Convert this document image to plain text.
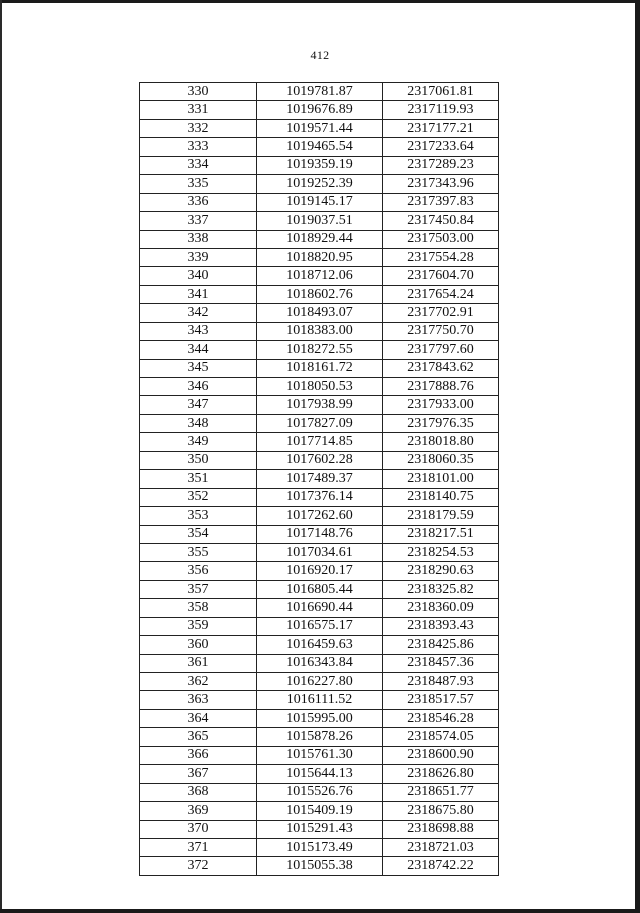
412
330	1019781.87	2317061.81
331	1019676.89	2317119.93
332	1019571.44	2317177.21
333	1019465.54	2317233.64
334	1019359.19	2317289.23
335	1019252.39	2317343.96
336	1019145.17	2317397.83
337	1019037.51	2317450.84
338	1018929.44	2317503.00
339	1018820.95	2317554.28
340	1018712.06	2317604.70
341	1018602.76	2317654.24
342	1018493.07	2317702.91
343	1018383.00	2317750.70
344	1018272.55	2317797.60
345	1018161.72	2317843.62
346	1018050.53	2317888.76
347	1017938.99	2317933.00
348	1017827.09	2317976.35
349	1017714.85	2318018.80
350	1017602.28	2318060.35
351	1017489.37	2318101.00
352	1017376.14	2318140.75
353	1017262.60	2318179.59
354	1017148.76	2318217.51
355	1017034.61	2318254.53
356	1016920.17	2318290.63
357	1016805.44	2318325.82
358	1016690.44	2318360.09
359	1016575.17	2318393.43
360	1016459.63	2318425.86
361	1016343.84	2318457.36
362	1016227.80	2318487.93
363	1016111.52	2318517.57
364	1015995.00	2318546.28
365	1015878.26	2318574.05
366	1015761.30	2318600.90
367	1015644.13	2318626.80
368	1015526.76	2318651.77
369	1015409.19	2318675.80
370	1015291.43	2318698.88
371	1015173.49	2318721.03
372	1015055.38	2318742.22
